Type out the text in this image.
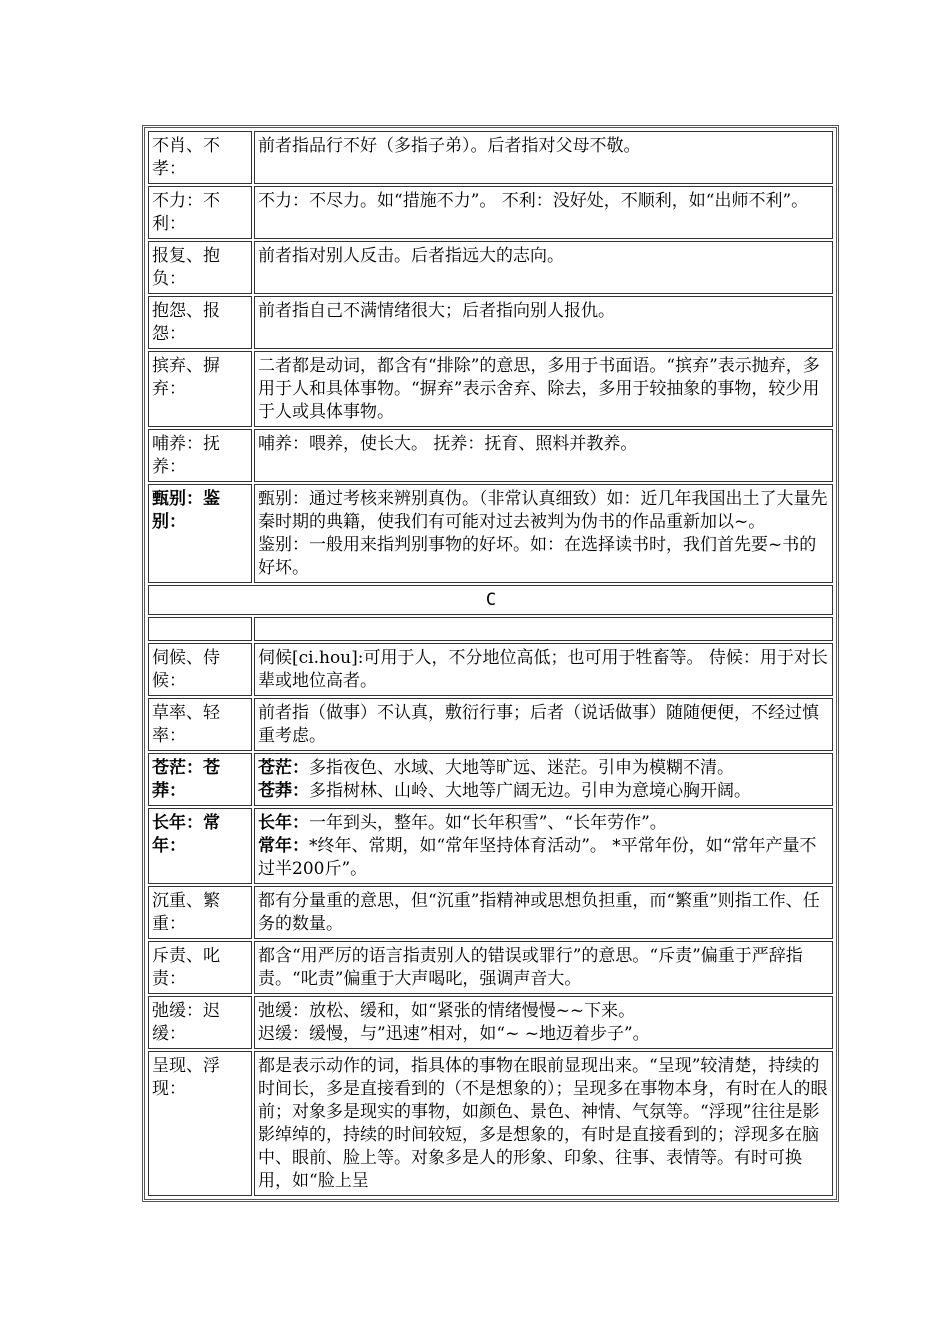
不肖、不孝：	前者指品行不好（多指子弟）。后者指对父母不敬。
不力：不利：	不力：不尽力。如“措施不力”。 不利：没好处，不顺利，如“出师不利”。
报复、抱负：	前者指对别人反击。后者指远大的志向。
抱怨、报怨：	前者指自己不满情绪很大；后者指向别人报仇。
摈弃、摒弃：	二者都是动词，都含有“排除”的意思，多用于书面语。“摈弃”表示抛弃，多用于人和具体事物。“摒弃”表示舍弃、除去，多用于较抽象的事物，较少用于人或具体事物。
哺养：抚养：	哺养：喂养，使长大。 抚养：抚育、照料并教养。
甄别：鉴别：	甄别：通过考核来辨别真伪。（非常认真细致）如：近几年我国出土了大量先秦时期的典籍，使我们有可能对过去被判为伪书的作品重新加以~。
鉴别：一般用来指判别事物的好坏。如：在选择读书时，我们首先要~书的好坏。

C	

伺候、侍候：	伺候[ci.hou]:可用于人，不分地位高低；也可用于牲畜等。 侍候：用于对长辈或地位高者。
草率、轻率：	前者指（做事）不认真，敷衍行事；后者（说话做事）随随便便，不经过慎重考虑。
苍茫：苍莽：	苍茫：多指夜色、水域、大地等旷远、迷茫。引申为模糊不清。
苍莽：多指树林、山岭、大地等广阔无边。引申为意境心胸开阔。

长年：常年：	长年：一年到头，整年。如“长年积雪”、“长年劳作”。
常年：*终年、常期，如“常年坚持体育活动”。 *平常年份，如“常年产量不过半200斤”。

沉重、繁重：	都有分量重的意思，但“沉重”指精神或思想负担重，而“繁重”则指工作、任务的数量。
斥责、叱责：	都含“用严厉的语言指责别人的错误或罪行”的意思。“斥责”偏重于严辞指责。“叱责”偏重于大声喝叱，强调声音大。
弛缓：迟缓：	弛缓：放松、缓和，如“紧张的情绪慢慢~~下来。
迟缓：缓慢，与”迅速”相对，如“~ ~地迈着步子”。

呈现、浮现：	都是表示动作的词，指具体的事物在眼前显现出来。“呈现”较清楚，持续的时间长，多是直接看到的（不是想象的）；呈现多在事物本身，有时在人的眼前；对象多是现实的事物，如颜色、景色、神情、气氛等。“浮现”往往是影影绰绰的，持续的时间较短，多是想象的，有时是直接看到的；浮现多在脑中、眼前、脸上等。对象多是人的形象、印象、往事、表情等。有时可换用，如“脸上呈
